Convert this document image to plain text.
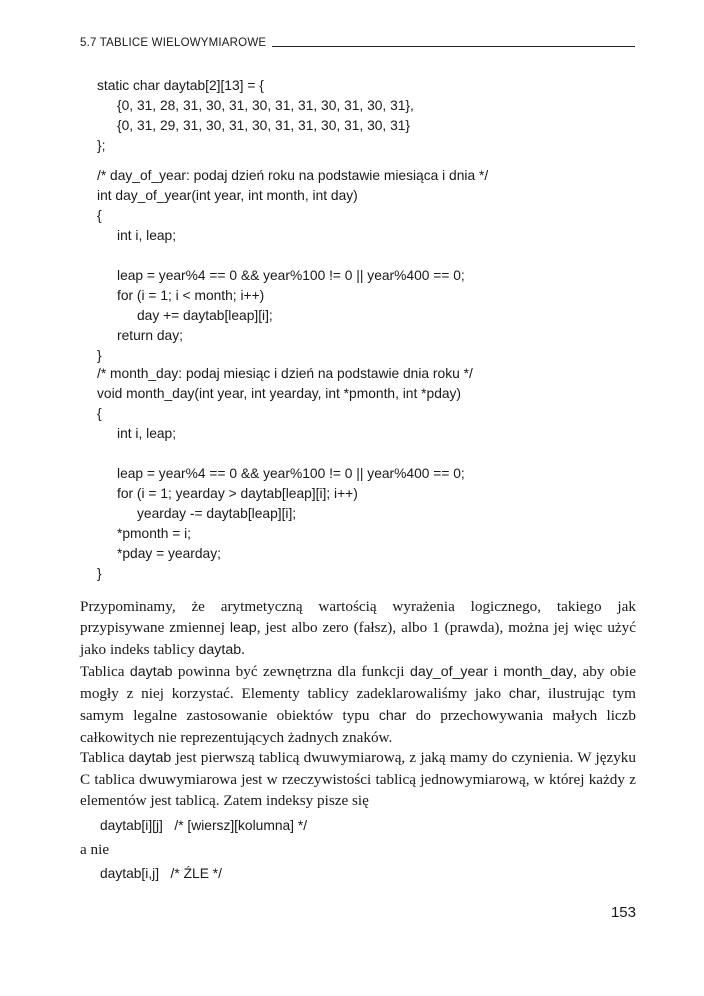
5.7 TABLICE WIELOWYMIAROWE
static char daytab[2][13] = {
{0, 31, 28, 31, 30, 31, 30, 31, 31, 30, 31, 30, 31},
{0, 31, 29, 31, 30, 31, 30, 31, 31, 30, 31, 30, 31}
};
/* day_of_year: podaj dzień roku na podstawie miesiąca i dnia */
int day_of_year(int year, int month, int day)
{
int i, leap;

leap = year%4 == 0 && year%100 != 0 || year%400 == 0;
for (i = 1; i < month; i++)
day += daytab[leap][i];
return day;
}
/* month_day: podaj miesiąc i dzień na podstawie dnia roku */
void month_day(int year, int yearday, int *pmonth, int *pday)
{
int i, leap;

leap = year%4 == 0 && year%100 != 0 || year%400 == 0;
for (i = 1; yearday > daytab[leap][i]; i++)
yearday -= daytab[leap][i];
*pmonth = i;
*pday = yearday;
}

Przypominamy, że arytmetyczną wartością wyrażenia logicznego, takiego jak przypisywane zmiennej leap, jest albo zero (fałsz), albo 1 (prawda), można jej więc użyć jako indeks tablicy daytab.

Tablica daytab powinna być zewnętrzna dla funkcji day_of_year i month_day, aby obie mogły z niej korzystać. Elementy tablicy zadeklarowaliśmy jako char, ilustrując tym samym legalne zastosowanie obiektów typu char do przechowywania małych liczb całkowitych nie reprezentujących żadnych znaków.

Tablica daytab jest pierwszą tablicą dwuwymiarową, z jaką mamy do czynienia. W języku C tablica dwuwymiarowa jest w rzeczywistości tablicą jednowymiarową, w której każdy z elementów jest tablicą. Zatem indeksy pisze się

daytab[i][j]   /* [wiersz][kolumna] */
a nie
daytab[i,j]   /* ŹLE */
153
